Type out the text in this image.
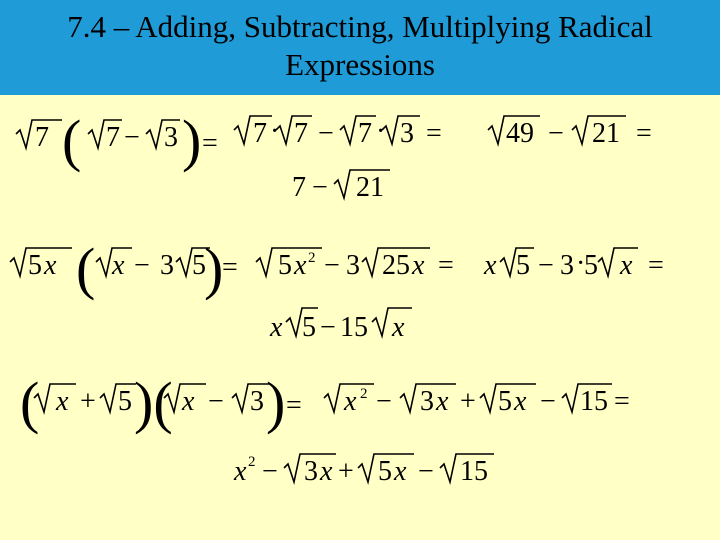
7.4 – Adding, Subtracting, Multiplying Radical
Expressions
7 ( 7 − 3 ) = 7 · 7 − 7 · 3 = 49 − 21 =
7 − 21
5 x ( x − 3 5
)
= 5 x 2 − 3 25 x = x 5 − 3 ·
5 x =
x 5 − 15 x
( x + 5 )( x − 3 ) = x 2 − 3 x + 5 x − 15 =
x 2 − 3 x + 5 x − 15
